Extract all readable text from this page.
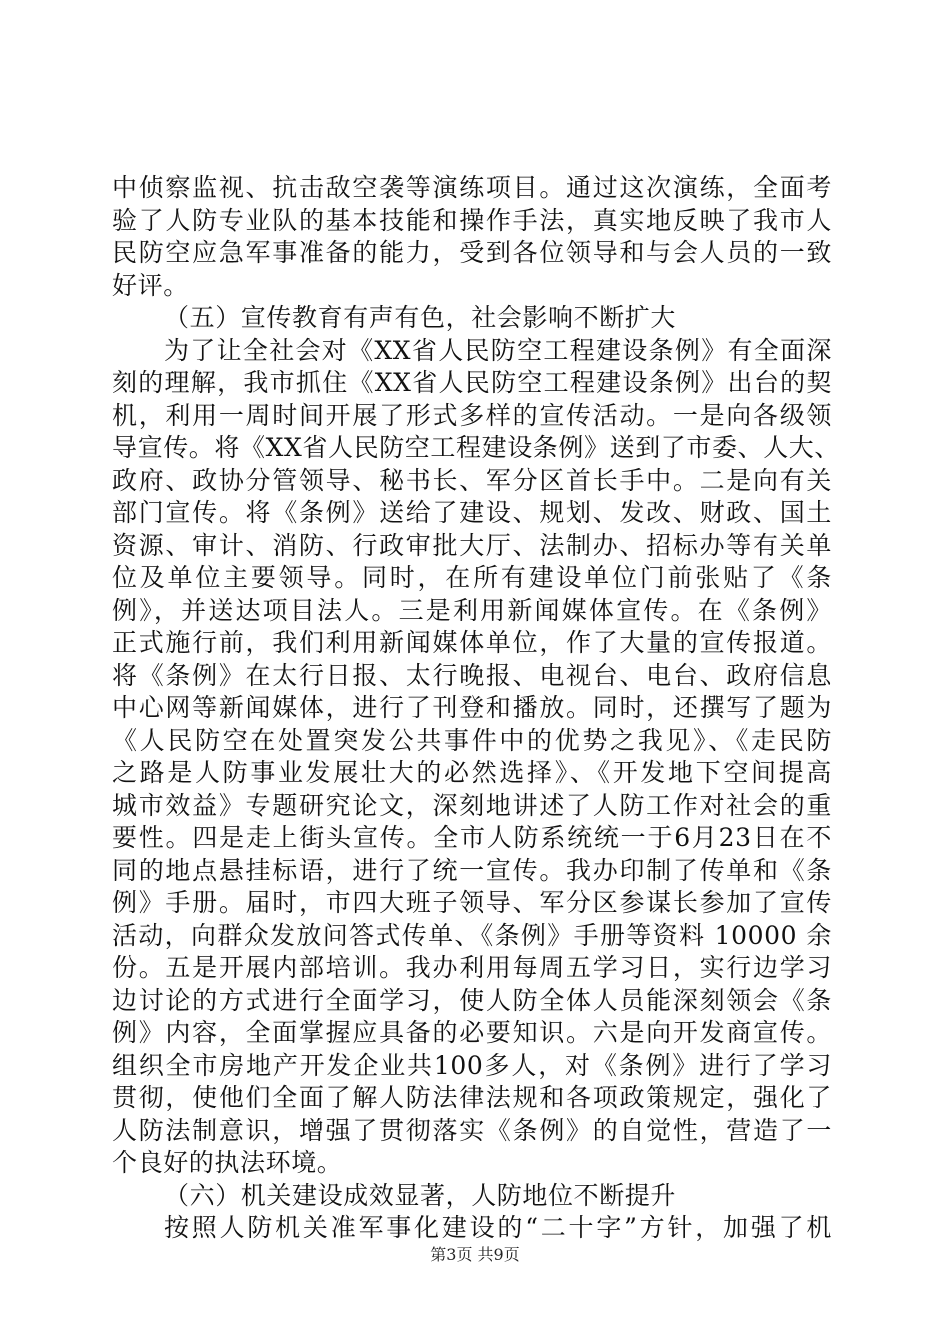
中侦察监视、抗击敌空袭等演练项目。通过这次演练，全面考
验了人防专业队的基本技能和操作手法，真实地反映了我市人
民防空应急军事准备的能力，受到各位领导和与会人员的一致
好评。
（五）宣传教育有声有色，社会影响不断扩大
为了让全社会对《XX省人民防空工程建设条例》有全面深
刻的理解，我市抓住《XX省人民防空工程建设条例》出台的契
机，利用一周时间开展了形式多样的宣传活动。一是向各级领
导宣传。将《XX省人民防空工程建设条例》送到了市委、人大、
政府、政协分管领导、秘书长、军分区首长手中。二是向有关
部门宣传。将《条例》送给了建设、规划、发改、财政、国土
资源、审计、消防、行政审批大厅、法制办、招标办等有关单
位及单位主要领导。同时，在所有建设单位门前张贴了《条
例》，并送达项目法人。三是利用新闻媒体宣传。在《条例》
正式施行前，我们利用新闻媒体单位，作了大量的宣传报道。
将《条例》在太行日报、太行晚报、电视台、电台、政府信息
中心网等新闻媒体，进行了刊登和播放。同时，还撰写了题为
《人民防空在处置突发公共事件中的优势之我见》、《走民防
之路是人防事业发展壮大的必然选择》、《开发地下空间提高
城市效益》专题研究论文，深刻地讲述了人防工作对社会的重
要性。四是走上街头宣传。全市人防系统统一于6月23日在不
同的地点悬挂标语，进行了统一宣传。我办印制了传单和《条
例》手册。届时，市四大班子领导、军分区参谋长参加了宣传
活动，向群众发放问答式传单、《条例》手册等资料 10000 余
份。五是开展内部培训。我办利用每周五学习日，实行边学习
边讨论的方式进行全面学习，使人防全体人员能深刻领会《条
例》内容，全面掌握应具备的必要知识。六是向开发商宣传。
组织全市房地产开发企业共100多人，对《条例》进行了学习
贯彻，使他们全面了解人防法律法规和各项政策规定，强化了
人防法制意识，增强了贯彻落实《条例》的自觉性，营造了一
个良好的执法环境。
（六）机关建设成效显著，人防地位不断提升
按照人防机关准军事化建设的“二十字”方针，加强了机
第3页 共9页
